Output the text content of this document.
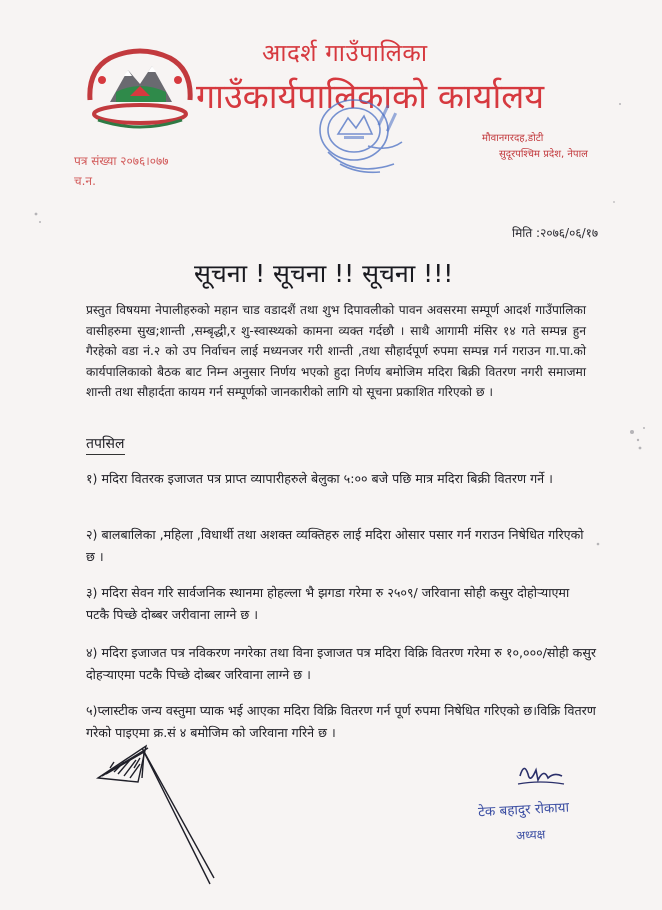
आदर्श गाउँपालिका
गाउँकार्यपालिकाको कार्यालय
मौवानगरदह,डोटी
सुदूरपश्चिम प्रदेश, नेपाल
पत्र संख्या २०७६।०७७
च.न.
मिति :२०७६/०६/१७
सूचना ! सूचना !! सूचना !!!
प्रस्तुत विषयमा नेपालीहरुको महान चाड वडादशैं तथा शुभ दिपावलीको पावन अवसरमा सम्पूर्ण आदर्श गाउँपालिका वासीहरुमा सुख;शान्ती ,सम्बृद्धी,र शु-स्वास्थ्यको कामना व्यक्त गर्दछौ । साथै आगामी मंसिर १४ गते सम्पन्न हुन गैरहेको वडा नं.२ को उप निर्वाचन लाई मध्यनजर गरी शान्ती ,तथा सौहार्दपूर्ण रुपमा सम्पन्न गर्न गराउन गा.पा.को कार्यपालिकाको बैठक बाट निम्न अनुसार निर्णय भएको हुदा निर्णय बमोजिम मदिरा बिक्री वितरण नगरी समाजमा शान्ती तथा सौहार्दता कायम गर्न सम्पूर्णको जानकारीको लागि यो सूचना प्रकाशित गरिएको छ ।
तपसिल
१) मदिरा वितरक इजाजत पत्र प्राप्त व्यापारीहरुले बेलुका ५:०० बजे पछि मात्र मदिरा बिक्री वितरण गर्ने ।
२) बालबालिका ,महिला ,विधार्थी तथा अशक्त व्यक्तिहरु लाई मदिरा ओसार पसार गर्न गराउन निषेधित गरिएको छ ।
३) मदिरा सेवन गरि सार्वजनिक स्थानमा होहल्ला भै झगडा गरेमा रु २५०९/ जरिवाना सोही कसुर दोहोऱ्याएमा पटकै पिच्छे दोब्बर जरीवाना लाग्ने छ ।
४) मदिरा इजाजत पत्र नविकरण नगरेका तथा विना इजाजत पत्र मदिरा विक्रि वितरण गरेमा रु १०,०००/सोही कसुर दोहऱ्याएमा पटकै पिच्छे दोब्बर जरिवाना लाग्ने छ ।
५)प्लास्टीक जन्य वस्तुमा प्याक भई आएका मदिरा विक्रि वितरण गर्न पूर्ण रुपमा निषेधित गरिएको छ।विक्रि वितरण गरेको पाइएमा क्र.सं ४ बमोजिम को जरिवाना गरिने छ ।
टेक बहादुर रोकाया
अध्यक्ष
